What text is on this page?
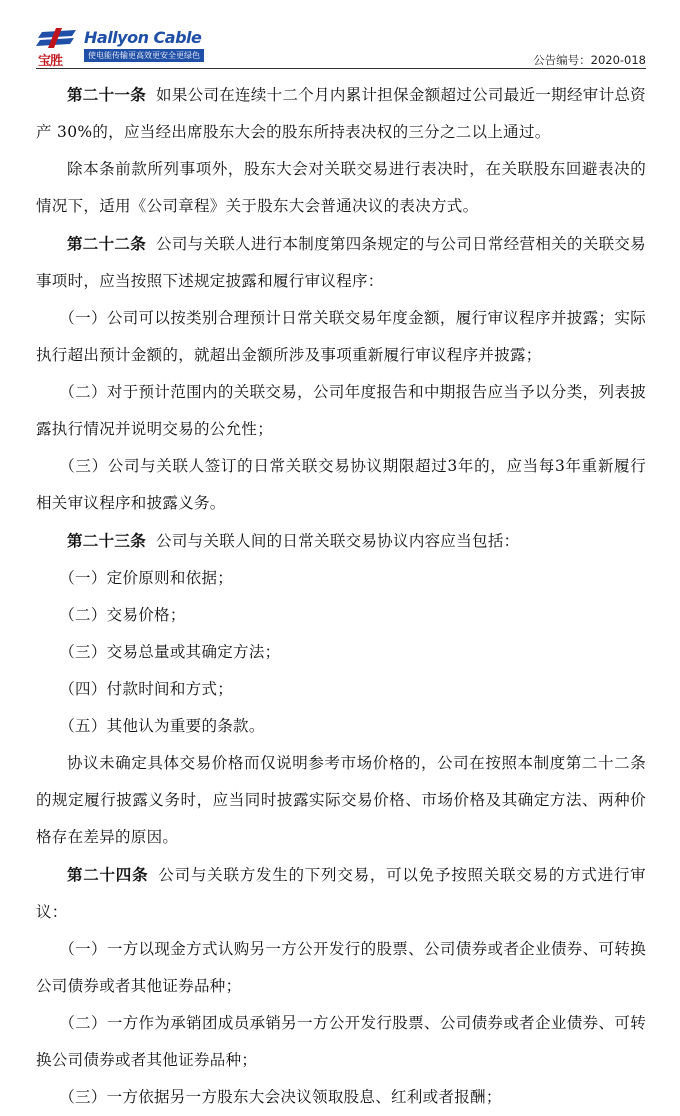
宝胜
Hallyon Cable
使电能传输更高效更安全更绿色	公告编号：2020-018

第二十一条 如果公司在连续十二个月内累计担保金额超过公司最近一期经审计总资产 30%的，应当经出席股东大会的股东所持表决权的三分之二以上通过。

除本条前款所列事项外，股东大会对关联交易进行表决时，在关联股东回避表决的情况下，适用《公司章程》关于股东大会普通决议的表决方式。

第二十二条 公司与关联人进行本制度第四条规定的与公司日常经营相关的关联交易事项时，应当按照下述规定披露和履行审议程序：

（一）公司可以按类别合理预计日常关联交易年度金额，履行审议程序并披露；实际执行超出预计金额的，就超出金额所涉及事项重新履行审议程序并披露；

（二）对于预计范围内的关联交易，公司年度报告和中期报告应当予以分类，列表披露执行情况并说明交易的公允性；

（三）公司与关联人签订的日常关联交易协议期限超过3年的，应当每3年重新履行相关审议程序和披露义务。

第二十三条 公司与关联人间的日常关联交易协议内容应当包括：

（一）定价原则和依据；

（二）交易价格；

（三）交易总量或其确定方法；

（四）付款时间和方式；

（五）其他认为重要的条款。

协议未确定具体交易价格而仅说明参考市场价格的，公司在按照本制度第二十二条的规定履行披露义务时，应当同时披露实际交易价格、市场价格及其确定方法、两种价格存在差异的原因。

第二十四条 公司与关联方发生的下列交易，可以免予按照关联交易的方式进行审议：

（一）一方以现金方式认购另一方公开发行的股票、公司债券或者企业债券、可转换公司债券或者其他证券品种；

（二）一方作为承销团成员承销另一方公开发行股票、公司债券或者企业债券、可转换公司债券或者其他证券品种；

（三）一方依据另一方股东大会决议领取股息、红利或者报酬；
